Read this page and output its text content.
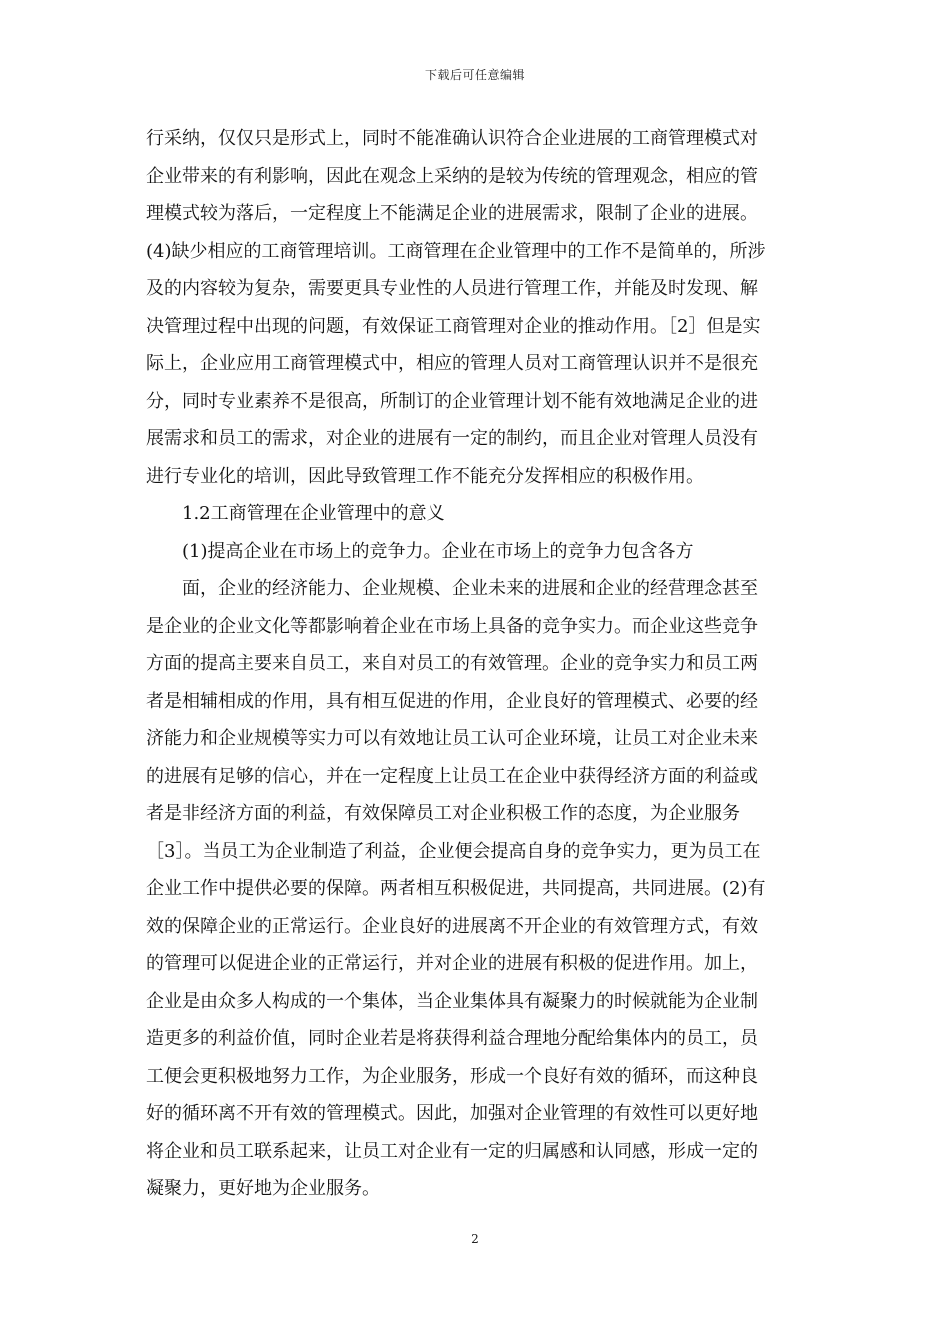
下载后可任意编辑
行采纳，仅仅只是形式上，同时不能准确认识符合企业进展的工商管理模式对
企业带来的有利影响，因此在观念上采纳的是较为传统的管理观念，相应的管
理模式较为落后，一定程度上不能满足企业的进展需求，限制了企业的进展。
(4)缺少相应的工商管理培训。工商管理在企业管理中的工作不是简单的，所涉
及的内容较为复杂，需要更具专业性的人员进行管理工作，并能及时发现、解
决管理过程中出现的问题，有效保证工商管理对企业的推动作用。［2］但是实
际上，企业应用工商管理模式中，相应的管理人员对工商管理认识并不是很充
分，同时专业素养不是很高，所制订的企业管理计划不能有效地满足企业的进
展需求和员工的需求，对企业的进展有一定的制约，而且企业对管理人员没有
进行专业化的培训，因此导致管理工作不能充分发挥相应的积极作用。
1.2工商管理在企业管理中的意义
(1)提高企业在市场上的竞争力。企业在市场上的竞争力包含各方
面，企业的经济能力、企业规模、企业未来的进展和企业的经营理念甚至
是企业的企业文化等都影响着企业在市场上具备的竞争实力。而企业这些竞争
方面的提高主要来自员工，来自对员工的有效管理。企业的竞争实力和员工两
者是相辅相成的作用，具有相互促进的作用，企业良好的管理模式、必要的经
济能力和企业规模等实力可以有效地让员工认可企业环境，让员工对企业未来
的进展有足够的信心，并在一定程度上让员工在企业中获得经济方面的利益或
者是非经济方面的利益，有效保障员工对企业积极工作的态度，为企业服务
［3］。当员工为企业制造了利益，企业便会提高自身的竞争实力，更为员工在
企业工作中提供必要的保障。两者相互积极促进，共同提高，共同进展。(2)有
效的保障企业的正常运行。企业良好的进展离不开企业的有效管理方式，有效
的管理可以促进企业的正常运行，并对企业的进展有积极的促进作用。加上，
企业是由众多人构成的一个集体，当企业集体具有凝聚力的时候就能为企业制
造更多的利益价值，同时企业若是将获得利益合理地分配给集体内的员工，员
工便会更积极地努力工作，为企业服务，形成一个良好有效的循环，而这种良
好的循环离不开有效的管理模式。因此，加强对企业管理的有效性可以更好地
将企业和员工联系起来，让员工对企业有一定的归属感和认同感，形成一定的
凝聚力，更好地为企业服务。
2
